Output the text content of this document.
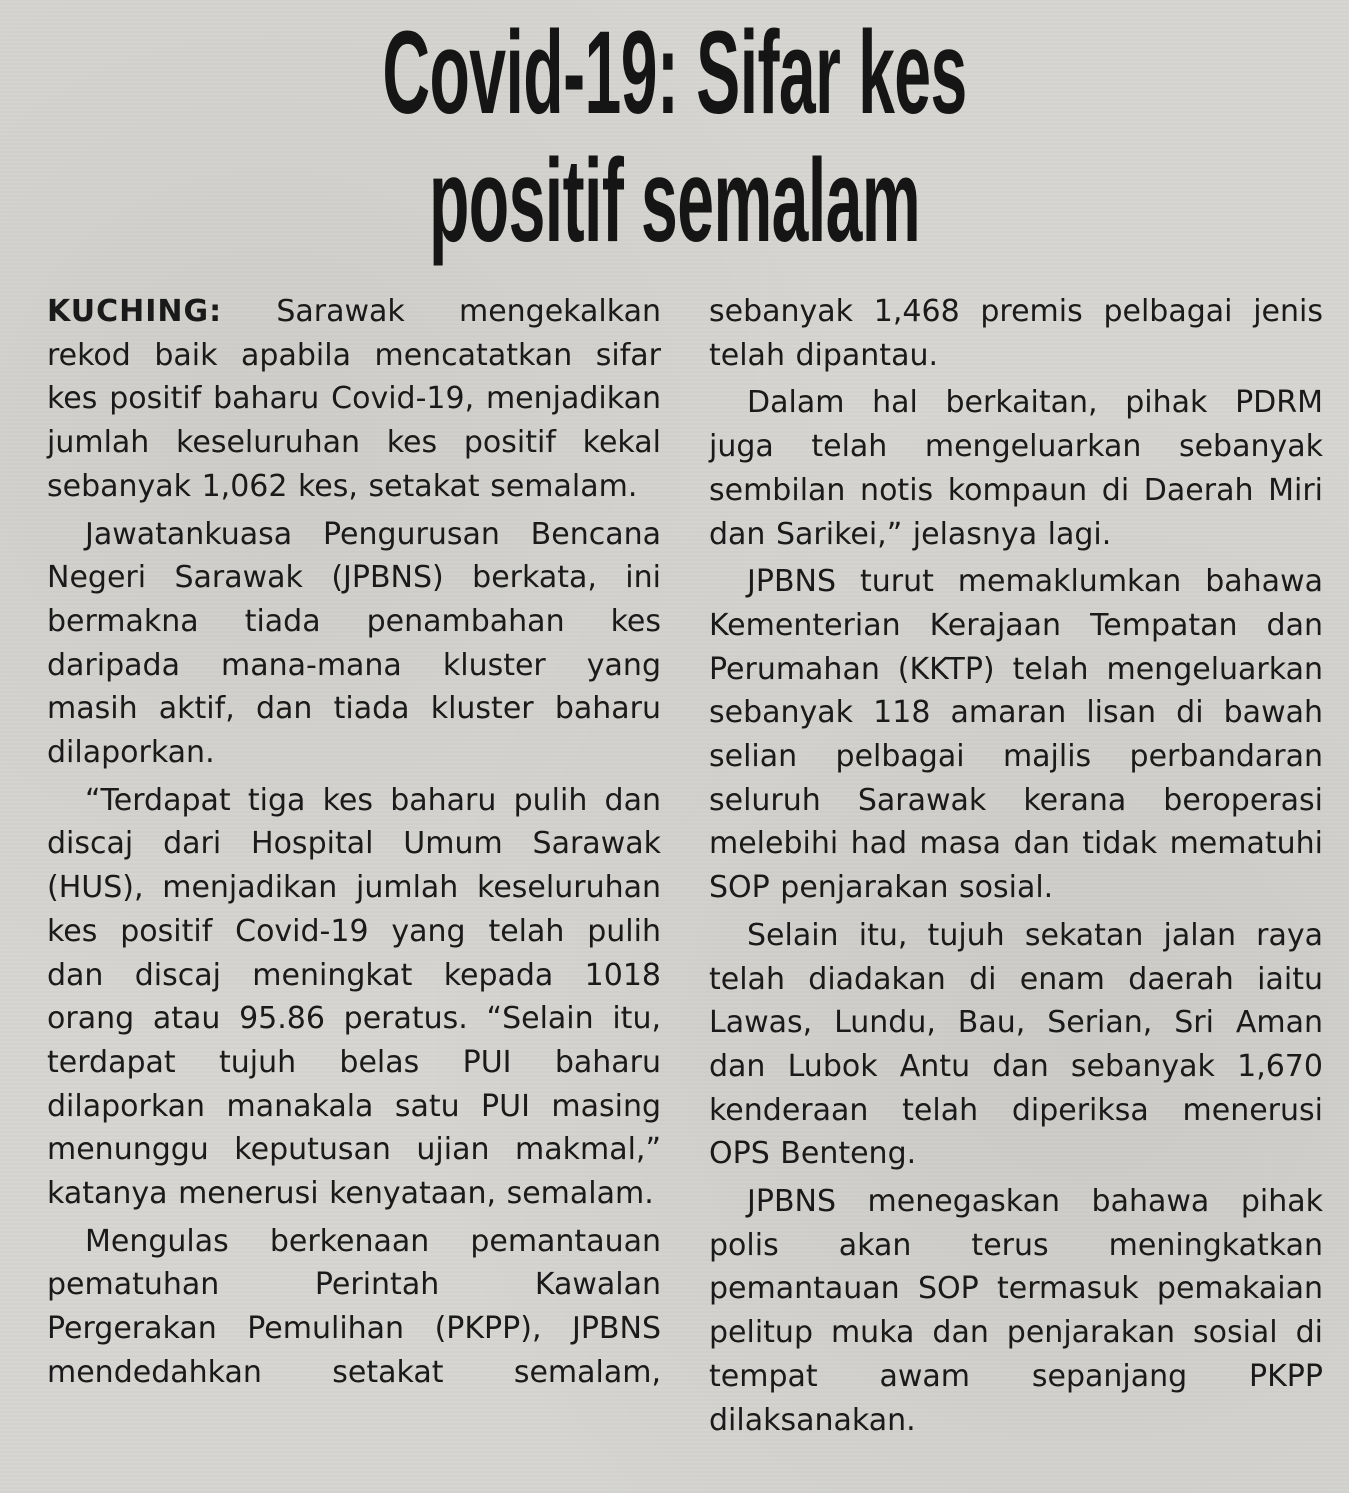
Covid-19: Sifar kes
positif semalam

KUCHING: Sarawak mengekalkan rekod baik apabila mencatatkan sifar kes positif baharu Covid-19, menjadikan jumlah keseluruhan kes positif kekal sebanyak 1,062 kes, setakat semalam.

Jawatankuasa Pengurusan Bencana Negeri Sarawak (JPBNS) berkata, ini bermakna tiada penambahan kes daripada mana-mana kluster yang masih aktif, dan tiada kluster baharu dilaporkan.

“Terdapat tiga kes baharu pulih dan discaj dari Hospital Umum Sarawak (HUS), menjadikan jumlah keseluruhan kes positif Covid-19 yang telah pulih dan discaj meningkat kepada 1018 orang atau 95.86 peratus. “Selain itu, terdapat tujuh belas PUI baharu dilaporkan manakala satu PUI masing menunggu keputusan ujian makmal,” katanya menerusi kenyataan, semalam.

Mengulas berkenaan pemantauan pematuhan Perintah Kawalan Pergerakan Pemulihan (PKPP), JPBNS mendedahkan setakat semalam,

sebanyak 1,468 premis pelbagai jenis telah dipantau.

Dalam hal berkaitan, pihak PDRM juga telah mengeluarkan sebanyak sembilan notis kompaun di Daerah Miri dan Sarikei,” jelasnya lagi.

JPBNS turut memaklumkan bahawa Kementerian Kerajaan Tempatan dan Perumahan (KKTP) telah mengeluarkan sebanyak 118 amaran lisan di bawah selian pelbagai majlis perbandaran seluruh Sarawak kerana beroperasi melebihi had masa dan tidak mematuhi SOP penjarakan sosial.

Selain itu, tujuh sekatan jalan raya telah diadakan di enam daerah iaitu Lawas, Lundu, Bau, Serian, Sri Aman dan Lubok Antu dan sebanyak 1,670 kenderaan telah diperiksa menerusi OPS Benteng.

JPBNS menegaskan bahawa pihak polis akan terus meningkatkan pemantauan SOP termasuk pemakaian pelitup muka dan penjarakan sosial di tempat awam sepanjang PKPP dilaksanakan.
